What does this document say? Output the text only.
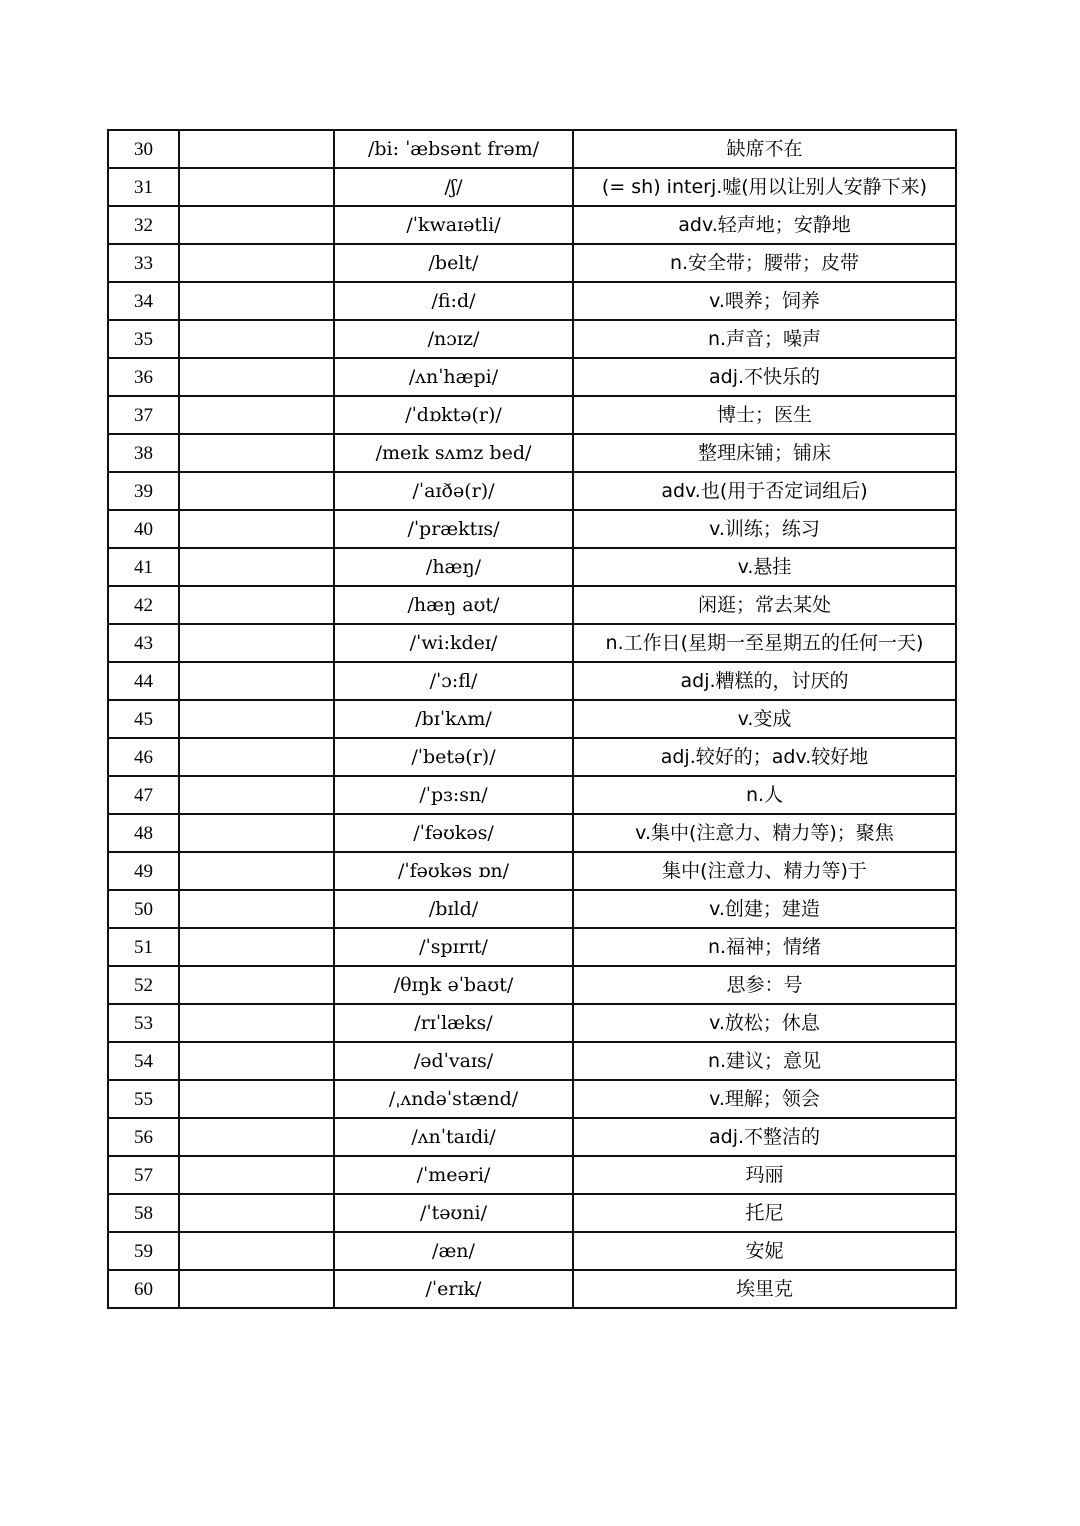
30		/bi: ˈæbsənt frəm/	缺席不在
31		/ʃ/	(= sh) interj.嘘(用以让别人安静下来)
32		/ˈkwaɪətli/	adv.轻声地；安静地
33		/belt/	n.安全带；腰带；皮带
34		/fi:d/	v.喂养；饲养
35		/nɔɪz/	n.声音；噪声
36		/ʌnˈhæpi/	adj.不快乐的
37		/ˈdɒktə(r)/	博士；医生
38		/meɪk sʌmz bed/	整理床铺；铺床
39		/ˈaɪðə(r)/	adv.也(用于否定词组后)
40		/ˈpræktɪs/	v.训练；练习
41		/hæŋ/	v.悬挂
42		/hæŋ aʊt/	闲逛；常去某处
43		/ˈwi:kdeɪ/	n.工作日(星期一至星期五的任何一天)
44		/ˈɔ:fl/	adj.糟糕的，讨厌的
45		/bɪˈkʌm/	v.变成
46		/ˈbetə(r)/	adj.较好的；adv.较好地
47		/ˈpɜ:sn/	n.人
48		/ˈfəʊkəs/	v.集中(注意力、精力等)；聚焦
49		/ˈfəʊkəs ɒn/	集中(注意力、精力等)于
50		/bɪld/	v.创建；建造
51		/ˈspɪrɪt/	n.福神；情绪
52		/θɪŋk əˈbaʊt/	思参：号
53		/rɪˈlæks/	v.放松；休息
54		/ədˈvaɪs/	n.建议；意见
55		/ˌʌndəˈstænd/	v.理解；领会
56		/ʌnˈtaɪdi/	adj.不整洁的
57		/ˈmeəri/	玛丽
58		/ˈtəʊni/	托尼
59		/æn/	安妮
60		/ˈerɪk/	埃里克
